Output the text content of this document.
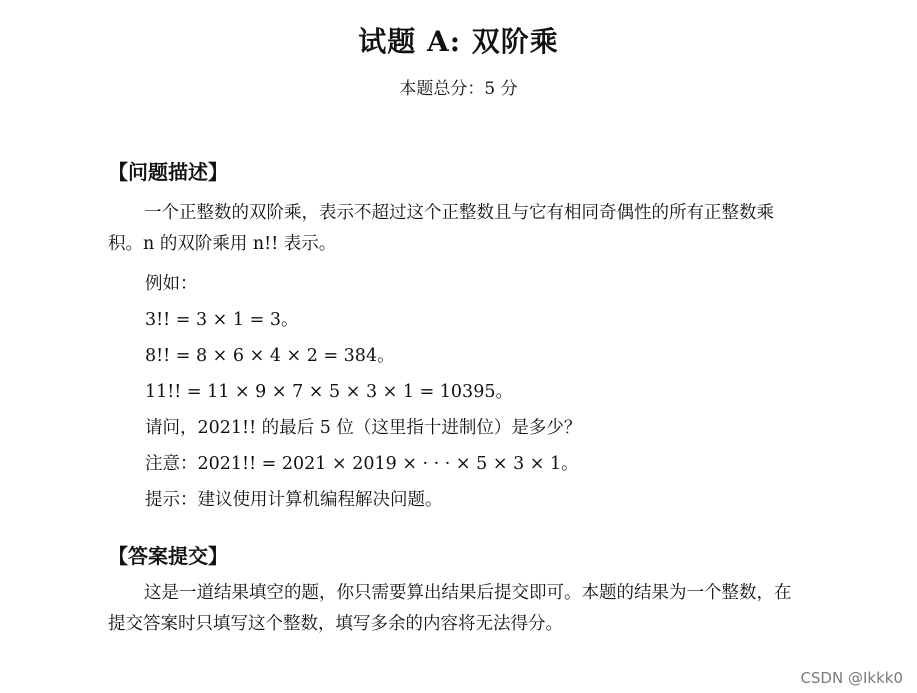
试题 A: 双阶乘
本题总分：5 分
【问题描述】

一个正整数的双阶乘，表示不超过这个正整数且与它有相同奇偶性的所有正整数乘积。n 的双阶乘用 n!! 表示。

例如：
3!! = 3 × 1 = 3。
8!! = 8 × 6 × 4 × 2 = 384。
11!! = 11 × 9 × 7 × 5 × 3 × 1 = 10395。
请问，2021!! 的最后 5 位（这里指十进制位）是多少？
注意：2021!! = 2021 × 2019 × · · · × 5 × 3 × 1。
提示：建议使用计算机编程解决问题。
【答案提交】

这是一道结果填空的题，你只需要算出结果后提交即可。本题的结果为一个整数，在提交答案时只填写这个整数，填写多余的内容将无法得分。

CSDN @Ikkk0
